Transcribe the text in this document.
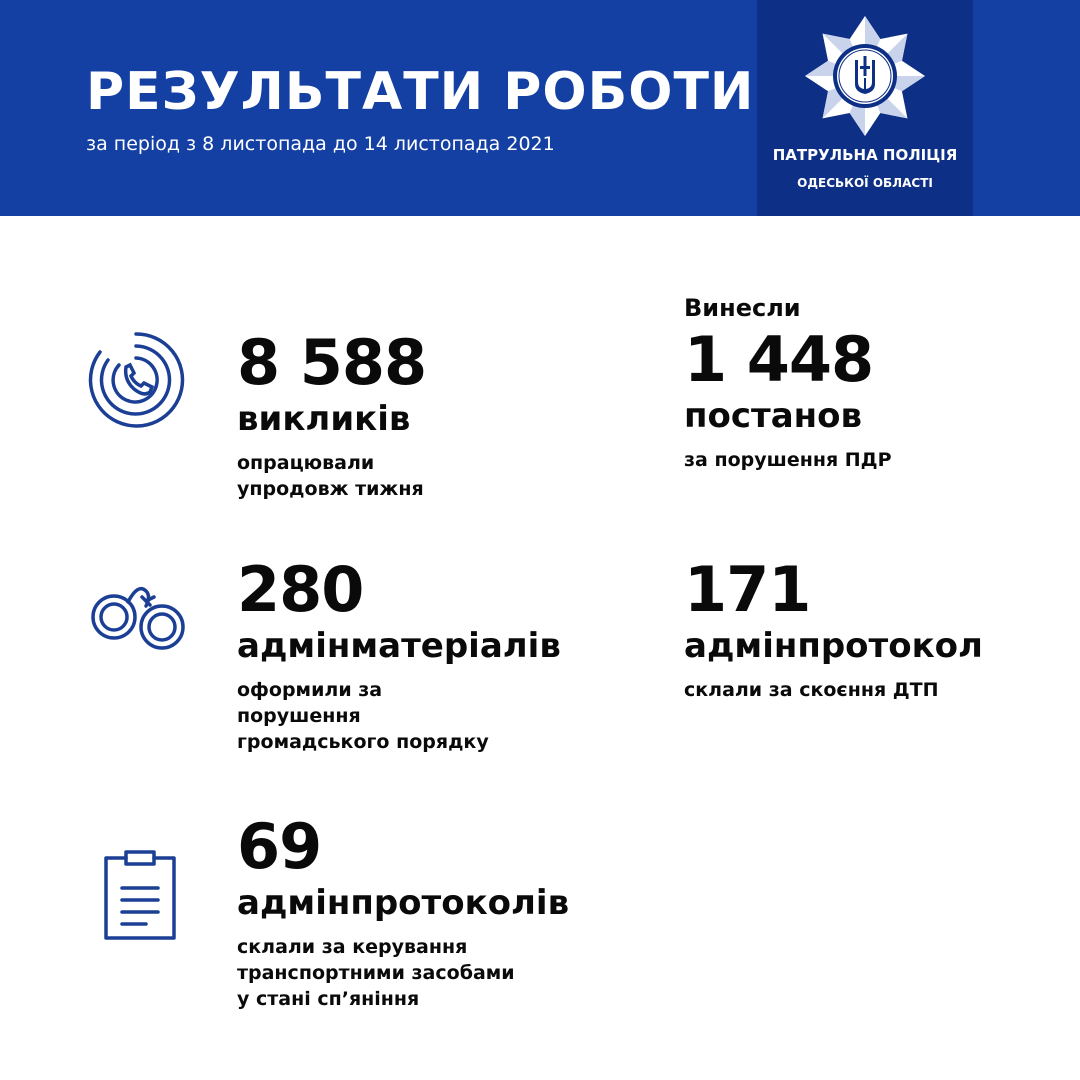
РЕЗУЛЬТАТИ РОБОТИ
за період з 8 листопада до 14 листопада 2021	ПАТРУЛЬНА ПОЛІЦІЯ
ОДЕСЬКОЇ ОБЛАСТІ
8 588
викликів
опрацювали
упродовж тижня
Винесли
1 448
постанов
за порушення ПДР
280
адмінматеріалів
оформили за
порушення
громадського порядку
171
адмінпротокол
склали за скоєння ДТП
69
адмінпротоколів
склали за керування
транспортними засобами
у стані сп’яніння
